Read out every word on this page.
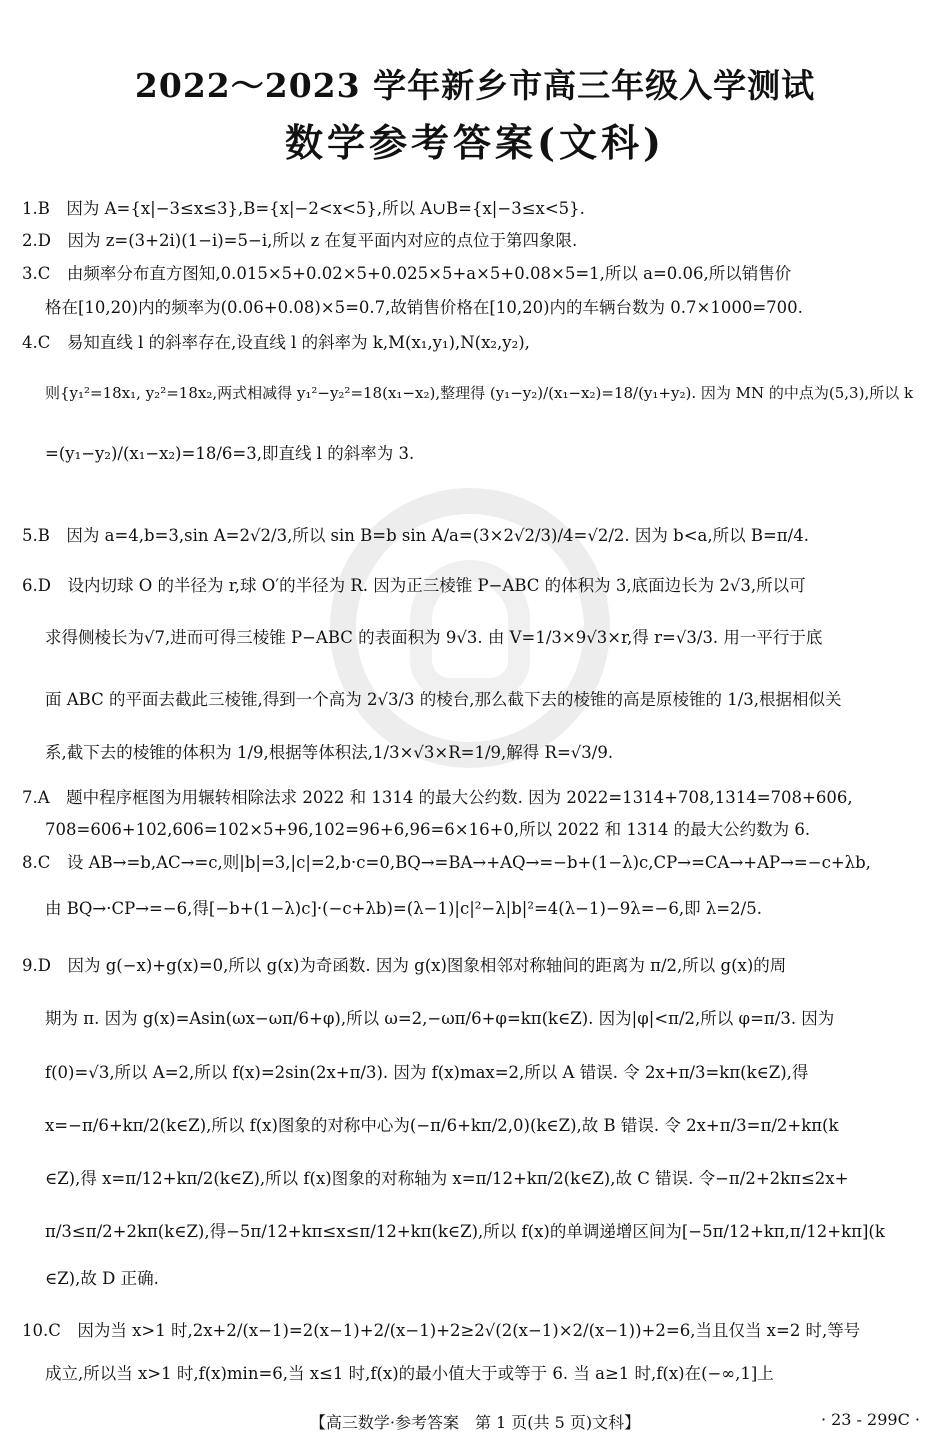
2022～2023 学年新乡市高三年级入学测试
数学参考答案(文科)
1.B　因为 A={x|−3≤x≤3},B={x|−2<x<5},所以 A∪B={x|−3≤x<5}.
2.D　因为 z=(3+2i)(1−i)=5−i,所以 z 在复平面内对应的点位于第四象限.
3.C　由频率分布直方图知,0.015×5+0.02×5+0.025×5+a×5+0.08×5=1,所以 a=0.06,所以销售价
格在[10,20)内的频率为(0.06+0.08)×5=0.7,故销售价格在[10,20)内的车辆台数为 0.7×1000=700.
4.C　易知直线 l 的斜率存在,设直线 l 的斜率为 k,M(x₁,y₁),N(x₂,y₂),
则{y₁²=18x₁, y₂²=18x₂,两式相减得 y₁²−y₂²=18(x₁−x₂),整理得 (y₁−y₂)/(x₁−x₂)=18/(y₁+y₂). 因为 MN 的中点为(5,3),所以 k
=(y₁−y₂)/(x₁−x₂)=18/6=3,即直线 l 的斜率为 3.
5.B　因为 a=4,b=3,sin A=2√2/3,所以 sin B=b sin A/a=(3×2√2/3)/4=√2/2. 因为 b<a,所以 B=π/4.
6.D　设内切球 O 的半径为 r,球 O′的半径为 R. 因为正三棱锥 P−ABC 的体积为 3,底面边长为 2√3,所以可
求得侧棱长为√7,进而可得三棱锥 P−ABC 的表面积为 9√3. 由 V=1/3×9√3×r,得 r=√3/3. 用一平行于底
面 ABC 的平面去截此三棱锥,得到一个高为 2√3/3 的棱台,那么截下去的棱锥的高是原棱锥的 1/3,根据相似关
系,截下去的棱锥的体积为 1/9,根据等体积法,1/3×√3×R=1/9,解得 R=√3/9.
7.A　题中程序框图为用辗转相除法求 2022 和 1314 的最大公约数. 因为 2022=1314+708,1314=708+606,
708=606+102,606=102×5+96,102=96+6,96=6×16+0,所以 2022 和 1314 的最大公约数为 6.
8.C　设 AB→=b,AC→=c,则|b|=3,|c|=2,b·c=0,BQ→=BA→+AQ→=−b+(1−λ)c,CP→=CA→+AP→=−c+λb,
由 BQ→·CP→=−6,得[−b+(1−λ)c]·(−c+λb)=(λ−1)|c|²−λ|b|²=4(λ−1)−9λ=−6,即 λ=2/5.
9.D　因为 g(−x)+g(x)=0,所以 g(x)为奇函数. 因为 g(x)图象相邻对称轴间的距离为 π/2,所以 g(x)的周
期为 π. 因为 g(x)=Asin(ωx−ωπ/6+φ),所以 ω=2,−ωπ/6+φ=kπ(k∈Z). 因为|φ|<π/2,所以 φ=π/3. 因为
f(0)=√3,所以 A=2,所以 f(x)=2sin(2x+π/3). 因为 f(x)max=2,所以 A 错误. 令 2x+π/3=kπ(k∈Z),得
x=−π/6+kπ/2(k∈Z),所以 f(x)图象的对称中心为(−π/6+kπ/2,0)(k∈Z),故 B 错误. 令 2x+π/3=π/2+kπ(k
∈Z),得 x=π/12+kπ/2(k∈Z),所以 f(x)图象的对称轴为 x=π/12+kπ/2(k∈Z),故 C 错误. 令−π/2+2kπ≤2x+
π/3≤π/2+2kπ(k∈Z),得−5π/12+kπ≤x≤π/12+kπ(k∈Z),所以 f(x)的单调递增区间为[−5π/12+kπ,π/12+kπ](k
∈Z),故 D 正确.
10.C　因为当 x>1 时,2x+2/(x−1)=2(x−1)+2/(x−1)+2≥2√(2(x−1)×2/(x−1))+2=6,当且仅当 x=2 时,等号
成立,所以当 x>1 时,f(x)min=6,当 x≤1 时,f(x)的最小值大于或等于 6. 当 a≥1 时,f(x)在(−∞,1]上
【高三数学·参考答案　第 1 页(共 5 页)文科】	· 23 - 299C ·
